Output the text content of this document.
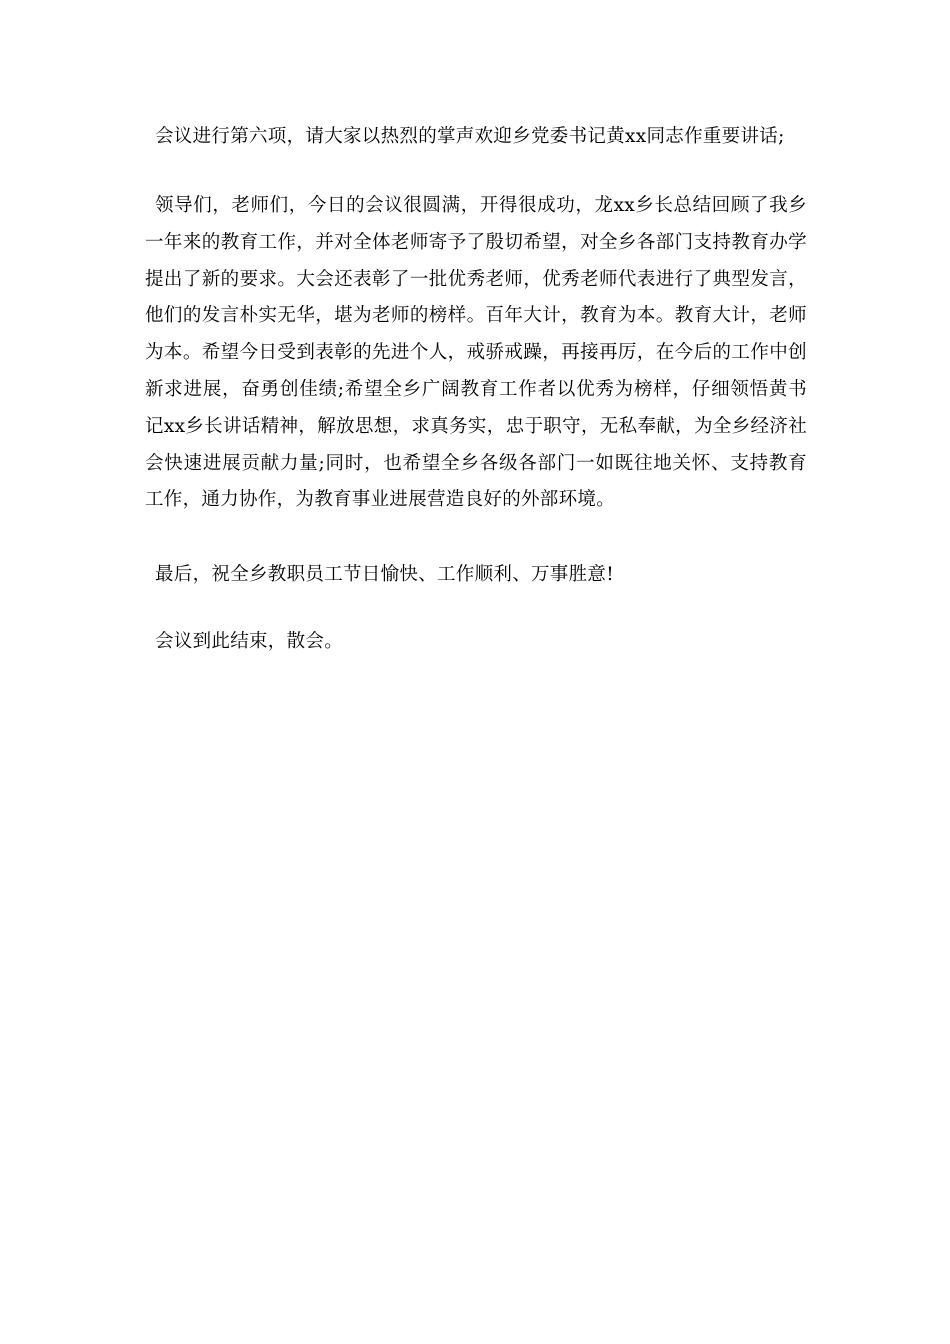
会议进行第六项，请大家以热烈的掌声欢迎乡党委书记黄xx同志作重要讲话;

领导们，老师们，今日的会议很圆满，开得很成功，龙xx乡长总结回顾了我乡一年来的教育工作，并对全体老师寄予了殷切希望，对全乡各部门支持教育办学提出了新的要求。大会还表彰了一批优秀老师，优秀老师代表进行了典型发言，他们的发言朴实无华，堪为老师的榜样。百年大计，教育为本。教育大计，老师为本。希望今日受到表彰的先进个人，戒骄戒躁，再接再厉，在今后的工作中创新求进展，奋勇创佳绩;希望全乡广阔教育工作者以优秀为榜样，仔细领悟黄书记xx乡长讲话精神，解放思想，求真务实，忠于职守，无私奉献，为全乡经济社会快速进展贡献力量;同时，也希望全乡各级各部门一如既往地关怀、支持教育工作，通力协作，为教育事业进展营造良好的外部环境。

最后，祝全乡教职员工节日愉快、工作顺利、万事胜意!

会议到此结束，散会。
